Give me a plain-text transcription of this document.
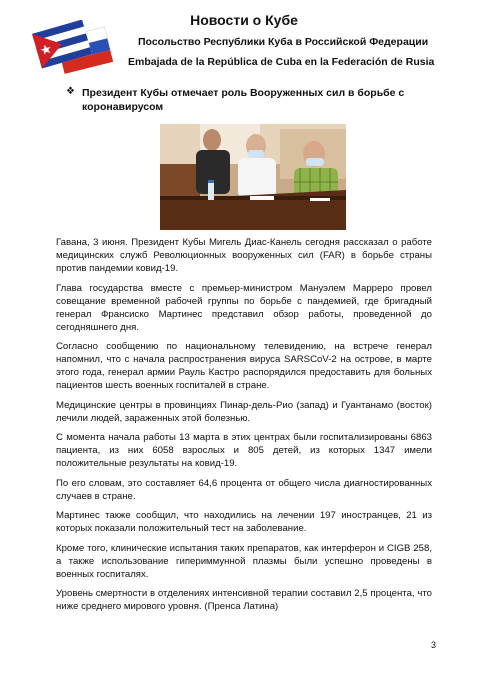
Новости о Кубе
Посольство Республики Куба в Российской Федерации
Embajada de la República de Cuba en la Federación de Rusia
❖ Президент Кубы отмечает роль Вооруженных сил в борьбе с коронавирусом

Гавана, 3 июня. Президент Кубы Мигель Диас-Канель сегодня рассказал о работе медицинских служб Революционных вооруженных сил (FAR) в борьбе страны против пандемии ковид-19.

Глава государства вместе с премьер-министром Мануэлем Марреро провел совещание временной рабочей группы по борьбе с пандемией, где бригадный генерал Франсиско Мартинес представил обзор работы, проведенной до сегодняшнего дня.

Согласно сообщению по национальному телевидению, на встрече генерал напомнил, что с начала распространения вируса SARSCoV-2 на острове, в марте этого года, генерал армии Рауль Кастро распорядился предоставить для больных пациентов шесть военных госпиталей в стране.

Медицинские центры в провинциях Пинар-дель-Рио (запад) и Гуантанамо (восток) лечили людей, зараженных этой болезнью.

С момента начала работы 13 марта в этих центрах были госпитализированы 6863 пациента, из них 6058 взрослых и 805 детей, из которых 1347 имели положительные результаты на ковид-19.

По его словам, это составляет 64,6 процента от общего числа диагностированных случаев в стране.

Мартинес также сообщил, что находились на лечении 197 иностранцев, 21 из которых показали положительный тест на заболевание.

Кроме того, клинические испытания таких препаратов, как интерферон и CIGB 258, а также использование гипериммунной плазмы были успешно проведены в военных госпиталях.

Уровень смертности в отделениях интенсивной терапии составил 2,5 процента, что ниже среднего мирового уровня. (Пренса Латина)

3
